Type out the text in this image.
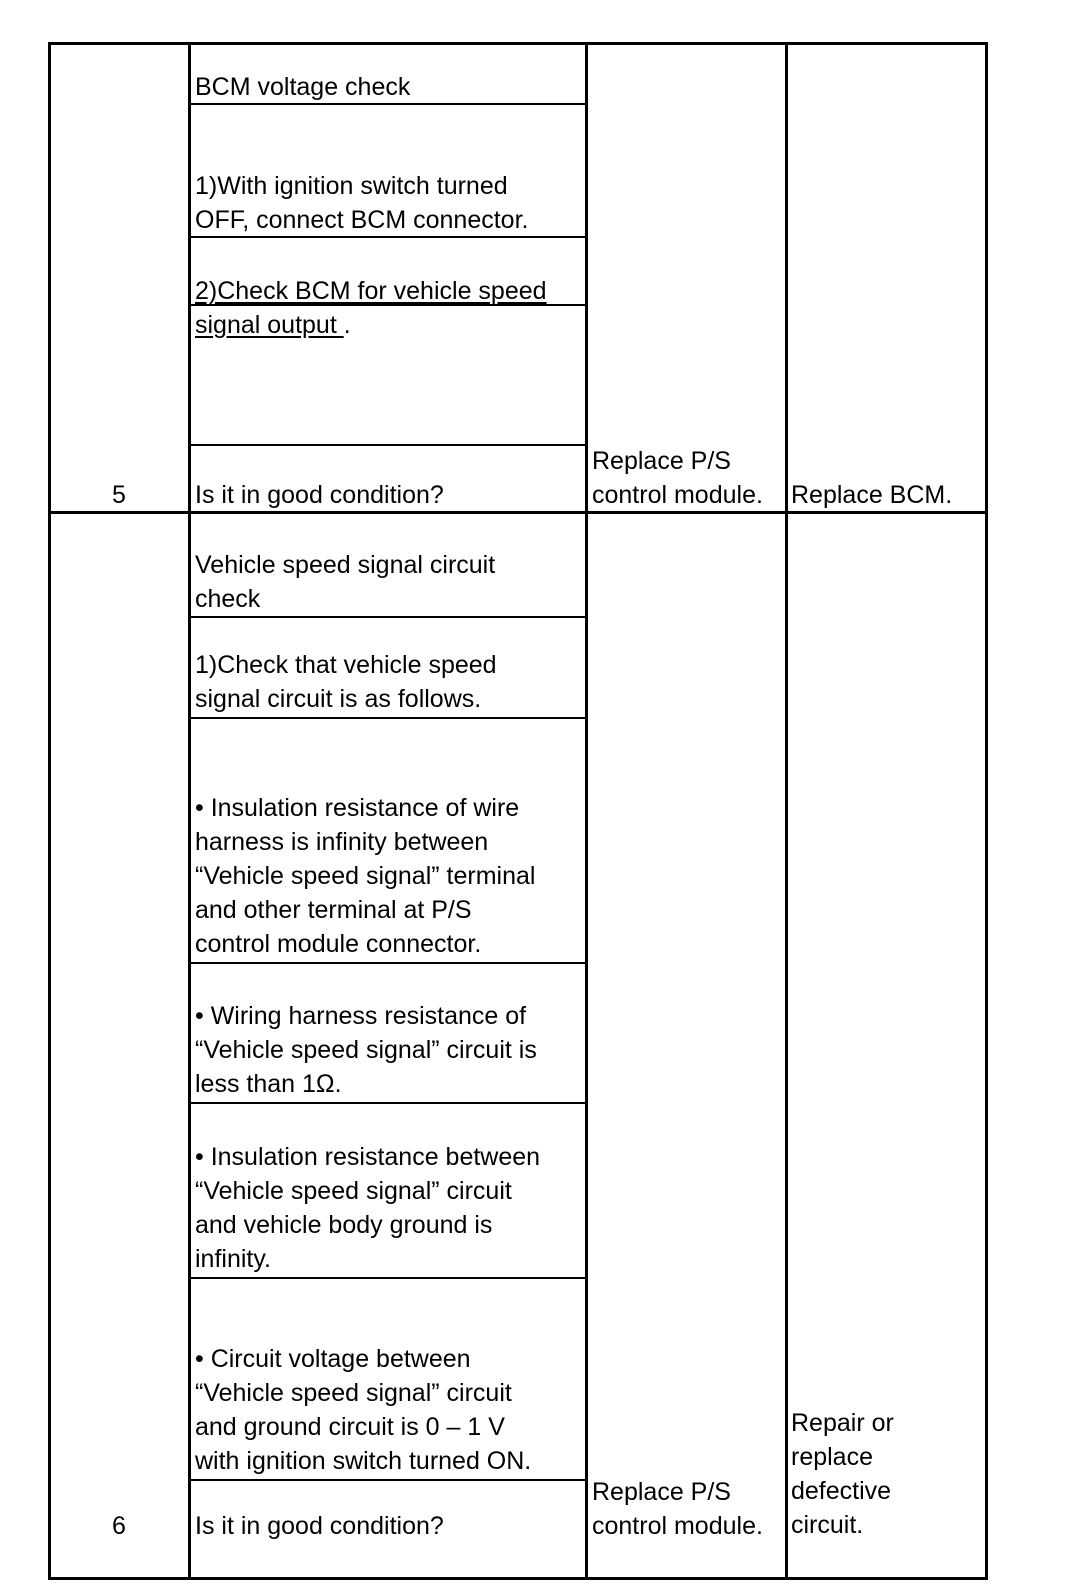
5
BCM voltage check
1)With ignition switch turned
OFF, connect BCM connector.
2)Check BCM for vehicle speed
signal output .
Is it in good condition?
Replace P/S
control module. Replace BCM.
6
Vehicle speed signal circuit
check
1)Check that vehicle speed
signal circuit is as follows.
• Insulation resistance of wire
harness is infinity between
“Vehicle speed signal” terminal
and other terminal at P/S
control module connector.
• Wiring harness resistance of
“Vehicle speed signal” circuit is
less than 1Ω.
• Insulation resistance between
“Vehicle speed signal” circuit
and vehicle body ground is
infinity.
• Circuit voltage between
“Vehicle speed signal” circuit
and ground circuit is 0 – 1 V
with ignition switch turned ON.
Is it in good condition?
Replace P/S
control module.
Repair or
replace
defective
circuit.
